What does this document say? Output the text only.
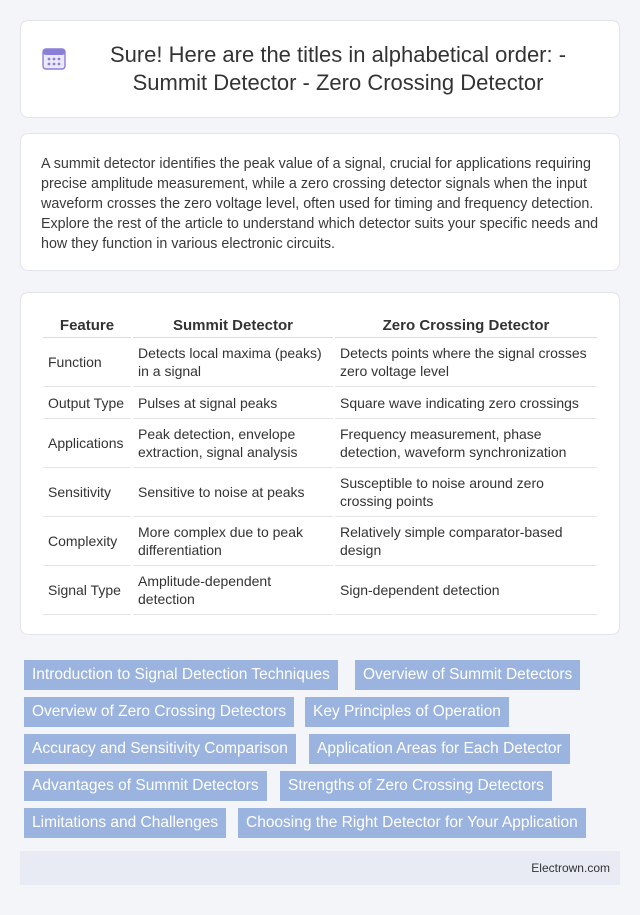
Sure! Here are the titles in alphabetical order: - Summit Detector - Zero Crossing Detector

A summit detector identifies the peak value of a signal, crucial for applications requiring precise amplitude measurement, while a zero crossing detector signals when the input waveform crosses the zero voltage level, often used for timing and frequency detection. Explore the rest of the article to understand which detector suits your specific needs and how they function in various electronic circuits.

Feature	Summit Detector	Zero Crossing Detector
Function	Detects local maxima (peaks) in a signal	Detects points where the signal crosses zero voltage level
Output Type	Pulses at signal peaks	Square wave indicating zero crossings
Applications	Peak detection, envelope extraction, signal analysis	Frequency measurement, phase detection, waveform synchronization
Sensitivity	Sensitive to noise at peaks	Susceptible to noise around zero crossing points
Complexity	More complex due to peak differentiation	Relatively simple comparator-based design
Signal Type	Amplitude-dependent detection	Sign-dependent detection
Introduction to Signal Detection Techniques	Overview of Summit Detectors
Overview of Zero Crossing Detectors	Key Principles of Operation
Accuracy and Sensitivity Comparison	Application Areas for Each Detector
Advantages of Summit Detectors	Strengths of Zero Crossing Detectors
Limitations and Challenges	Choosing the Right Detector for Your Application
Electrown.com
